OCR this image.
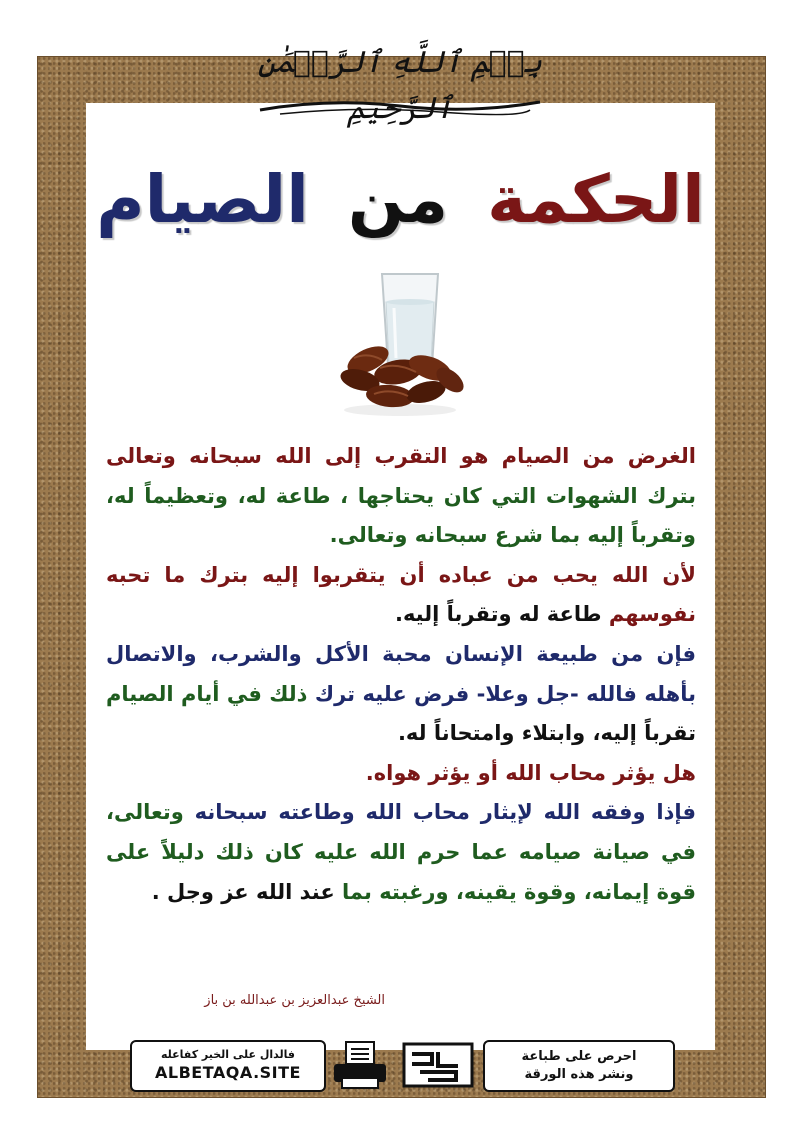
بِسۡمِ ٱللَّهِ ٱلرَّحۡمَٰنِ ٱلرَّحِيمِ
الحكمة من الصيام

الغرض من الصيام هو التقرب إلى الله سبحانه وتعالى بترك الشهوات التي كان يحتاجها ، طاعة له، وتعظيماً له، وتقرباً إليه بما شرع سبحانه وتعالى.

لأن الله يحب من عباده أن يتقربوا إليه بترك ما تحبه نفوسهم طاعة له وتقرباً إليه.

فإن من طبيعة الإنسان محبة الأكل والشرب، والاتصال بأهله فالله -جل وعلا- فرض عليه ترك ذلك في أيام الصيام تقرباً إليه، وابتلاء وامتحاناً له.

هل يؤثر محاب الله أو يؤثر هواه.

فإذا وفقه الله لإيثار محاب الله وطاعته سبحانه وتعالى، في صيانة صيامه عما حرم الله عليه كان ذلك دليلاً على قوة إيمانه، وقوة يقينه، ورغبته بما عند الله عز وجل .

الشيخ عبدالعزيز بن عبدالله بن باز
فالدال على الخير كفاعله
ALBETAQA.SITE
احرص على طباعة
ونشر هذه الورقة
